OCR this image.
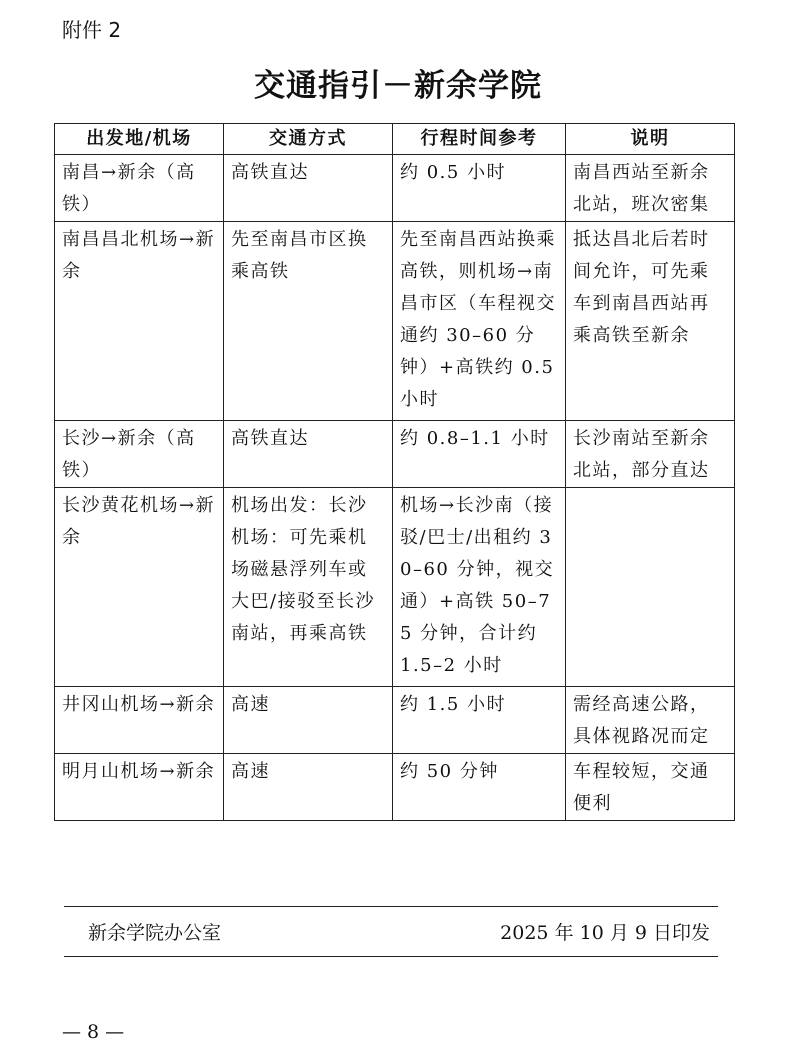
附件 2
交通指引－新余学院
出发地/机场	交通方式	行程时间参考	说明
南昌→新余（高铁）	高铁直达	约 0.5 小时	南昌西站至新余北站，班次密集
南昌昌北机场→新余	先至南昌市区换乘高铁	先至南昌西站换乘高铁，则机场→南昌市区（车程视交通约 30–60 分钟）+高铁约 0.5 小时	抵达昌北后若时间允许，可先乘车到南昌西站再乘高铁至新余
长沙→新余（高铁）	高铁直达	约 0.8–1.1 小时	长沙南站至新余北站，部分直达
长沙黄花机场→新余	机场出发：长沙机场：可先乘机场磁悬浮列车或大巴/接驳至长沙南站，再乘高铁	机场→长沙南（接驳/巴士/出租约 30–60 分钟，视交通）+高铁 50–75 分钟，合计约 1.5–2 小时	
井冈山机场→新余	高速	约 1.5 小时	需经高速公路，具体视路况而定
明月山机场→新余	高速	约 50 分钟	车程较短，交通便利
新余学院办公室	2025 年 10 月 9 日印发
— 8 —
